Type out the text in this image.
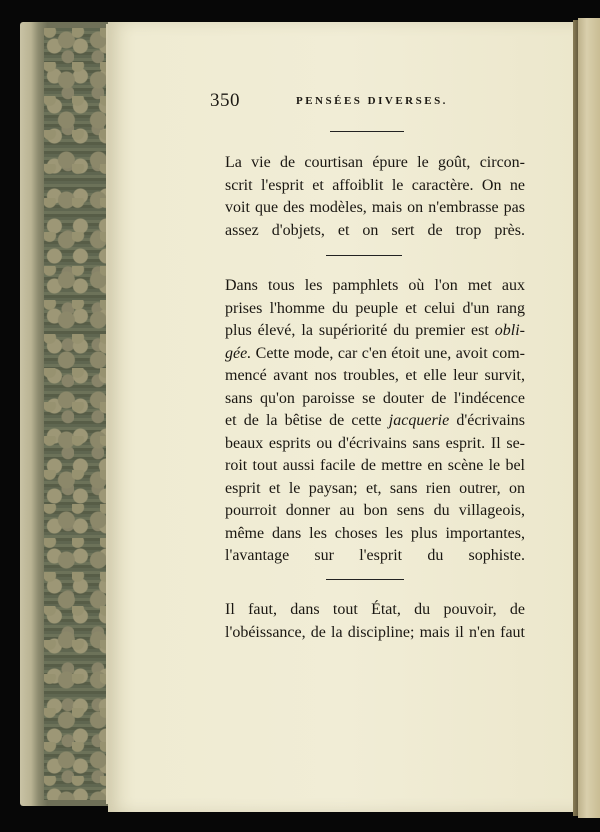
350	PENSÉES DIVERSES.
La vie de courtisan épure le goût, circon-
scrit l'esprit et affoiblit le caractère. On ne
voit que des modèles, mais on n'embrasse pas
assez d'objets, et on sert de trop près.
Dans tous les pamphlets où l'on met aux
prises l'homme du peuple et celui d'un rang
plus élevé, la supériorité du premier est obli-
gée. Cette mode, car c'en étoit une, avoit com-
mencé avant nos troubles, et elle leur survit,
sans qu'on paroisse se douter de l'indécence
et de la bêtise de cette jacquerie d'écrivains
beaux esprits ou d'écrivains sans esprit. Il se-
roit tout aussi facile de mettre en scène le bel
esprit et le paysan; et, sans rien outrer, on
pourroit donner au bon sens du villageois,
même dans les choses les plus importantes,
l'avantage sur l'esprit du sophiste.
Il faut, dans tout État, du pouvoir, de
l'obéissance, de la discipline; mais il n'en faut
